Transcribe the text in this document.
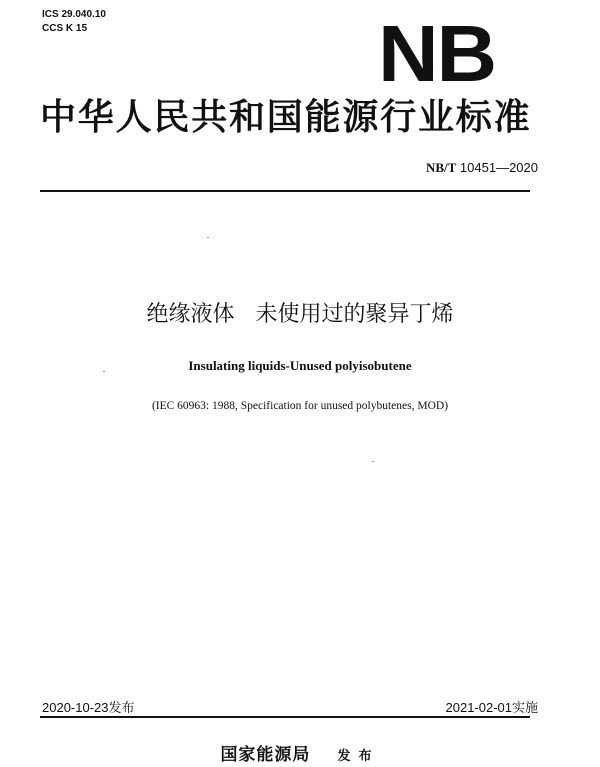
ICS 29.040.10
CCS K 15	NB
中华人民共和国能源行业标准
NB/T 10451—2020
绝缘液体   未使用过的聚异丁烯
Insulating liquids-Unused polyisobutene
(IEC 60963: 1988, Specification for unused polybutenes, MOD)
2020-10-23发布	2021-02-01实施
国家能源局 发布
